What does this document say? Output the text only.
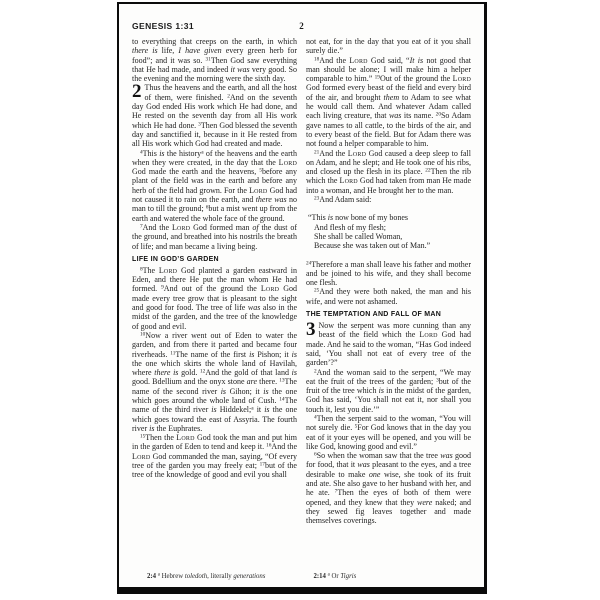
GENESIS 1:31	2

to everything that creeps on the earth, in which there is life, I have given every green herb for food”; and it was so. $^{31}$Then God saw everything that He had made, and indeed it was very good. So the evening and the morning were the sixth day.

2 Thus the heavens and the earth, and all the host of them, were finished. $^2$And on the seventh day God ended His work which He had done, and He rested on the seventh day from all His work which He had done. $^3$Then God blessed the seventh day and sanctified it, because in it He rested from all His work which God had created and made.

$^4$This is the history$^a$ of the heavens and the earth when they were created, in the day that the Lord God made the earth and the heavens, $^5$before any plant of the field was in the earth and before any herb of the field had grown. For the Lord God had not caused it to rain on the earth, and there was no man to till the ground; $^6$but a mist went up from the earth and watered the whole face of the ground.

$^7$And the Lord God formed man of the dust of the ground, and breathed into his nostrils the breath of life; and man became a living being.

LIFE IN GOD’S GARDEN

$^8$The Lord God planted a garden eastward in Eden, and there He put the man whom He had formed. $^9$And out of the ground the Lord God made every tree grow that is pleasant to the sight and good for food. The tree of life was also in the midst of the garden, and the tree of the knowledge of good and evil.

$^{10}$Now a river went out of Eden to water the garden, and from there it parted and became four riverheads. $^{11}$The name of the first is Pishon; it is the one which skirts the whole land of Havilah, where there is gold. $^{12}$And the gold of that land is good. Bdellium and the onyx stone are there. $^{13}$The name of the second river is Gihon; it is the one which goes around the whole land of Cush. $^{14}$The name of the third river is Hiddekel;$^a$ it is the one which goes toward the east of Assyria. The fourth river is the Euphrates.

$^{15}$Then the Lord God took the man and put him in the garden of Eden to tend and keep it. $^{16}$And the Lord God commanded the man, saying, “Of every tree of the garden you may freely eat; $^{17}$but of the tree of the knowledge of good and evil you shall

not eat, for in the day that you eat of it you shall surely die.”

$^{18}$And the Lord God said, “It is not good that man should be alone; I will make him a helper comparable to him.” $^{19}$Out of the ground the Lord God formed every beast of the field and every bird of the air, and brought them to Adam to see what he would call them. And whatever Adam called each living creature, that was its name. $^{20}$So Adam gave names to all cattle, to the birds of the air, and to every beast of the field. But for Adam there was not found a helper comparable to him.

$^{21}$And the Lord God caused a deep sleep to fall on Adam, and he slept; and He took one of his ribs, and closed up the flesh in its place. $^{22}$Then the rib which the Lord God had taken from man He made into a woman, and He brought her to the man.

$^{23}$And Adam said:

“This is now bone of my bones
And flesh of my flesh;
She shall be called Woman,
Because she was taken out of Man.”

$^{24}$Therefore a man shall leave his father and mother and be joined to his wife, and they shall become one flesh.

$^{25}$And they were both naked, the man and his wife, and were not ashamed.

THE TEMPTATION AND FALL OF MAN

3 Now the serpent was more cunning than any beast of the field which the Lord God had made. And he said to the woman, “Has God indeed said, ‘You shall not eat of every tree of the garden’?”

$^2$And the woman said to the serpent, “We may eat the fruit of the trees of the garden; $^3$but of the fruit of the tree which is in the midst of the garden, God has said, ‘You shall not eat it, nor shall you touch it, lest you die.’”

$^4$Then the serpent said to the woman, “You will not surely die. $^5$For God knows that in the day you eat of it your eyes will be opened, and you will be like God, knowing good and evil.”

$^6$So when the woman saw that the tree was good for food, that it was pleasant to the eyes, and a tree desirable to make one wise, she took of its fruit and ate. She also gave to her husband with her, and he ate. $^7$Then the eyes of both of them were opened, and they knew that they were naked; and they sewed fig leaves together and made themselves coverings.

2:4 $^a$ Hebrew toledoth, literally generations	2:14 $^a$ Or Tigris
